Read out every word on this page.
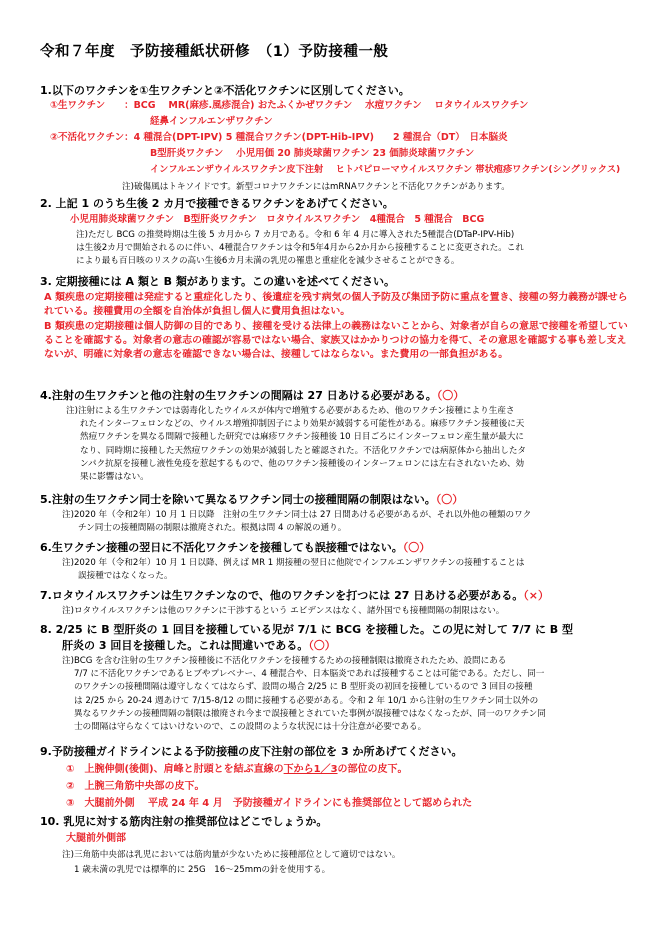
令和７年度　予防接種紙状研修　（1）予防接種一般
1.以下のワクチンを①生ワクチンと②不活化ワクチンに区別してください。
①生ワクチン　　：BCG　 MR(麻疹.風疹混合) おたふくかぜワクチン　 水痘ワクチン　 ロタウイルスワクチン
経鼻インフルエンザワクチン
②不活化ワクチン：4 種混合(DPT-IPV) 5 種混合ワクチン(DPT-Hib-IPV)　　2 種混合（DT）　日本脳炎
B型肝炎ワクチン　 小児用価 20 肺炎球菌ワクチン 23 価肺炎球菌ワクチン
インフルエンザウイルスワクチン皮下注射　 ヒトパピローマウイルスワクチン 帯状疱疹ワクチン(シングリックス)
注)破傷風はトキソイドです。新型コロナワクチンにはmRNAワクチンと不活化ワクチンがあります。
2. 上記 1 のうち生後 2 カ月で接種できるワクチンをあげてください。
小児用肺炎球菌ワクチン　B型肝炎ワクチン　ロタウイルスワクチン　4種混合　5 種混合　BCG

注)ただし BCG の推奨時期は生後 5 カ月から 7 カ月である。令和 6 年 4 月に導入された5種混合(DTaP-IPV-Hib)

は生後2カ月で開始されるのに伴い、4種混合ワクチンは令和5年4月から2か月から接種することに変更された。これ

により最も百日咳のリスクの高い生後6カ月未満の乳児の罹患と重症化を減少させることができる。

3. 定期接種には A 類と B 類があります。この違いを述べてください。
A 類疾患の定期接種は発症すると重症化したり、後遺症を残す病気の個人予防及び集団予防に重点を置き、接種の努力義務が課せられている。接種費用の全額を自治体が負担し個人に費用負担はない。
B 類疾患の定期接種は個人防御の目的であり、接種を受ける法律上の義務はないことから、対象者が自らの意思で接種を希望していることを確認する。対象者の意志の確認が容易ではない場合、家族又はかかりつけの協力を得て、その意思を確認する事も差し支えないが、明確に対象者の意志を確認できない場合は、接種してはならない。また費用の一部負担がある。
4.注射の生ワクチンと他の注射の生ワクチンの間隔は 27 日あける必要がある。（〇）

注)注射による生ワクチンでは弱毒化したウイルスが体内で増殖する必要があるため、他のワクチン接種により生産さ

れたインターフェロンなどの、ウイルス増殖抑制因子により効果が減弱する可能性がある。麻疹ワクチン接種後に天

然痘ワクチンを異なる間隔で接種した研究では麻疹ワクチン接種後 10 日目ごろにインターフェロン産生量が最大に

なり、同時期に接種した天然痘ワクチンの効果が減弱したと確認された。不活化ワクチンでは病原体から抽出したタ

ンパク抗原を接種し液性免疫を惹起するもので、他のワクチン接種後のインターフェロンには左右されないため、効

果に影響はない。

5.注射の生ワクチン同士を除いて異なるワクチン同士の接種間隔の制限はない。（〇）

注)2020 年（令和2年）10 月 1 日以降　注射の生ワクチン同士は 27 日間あける必要があるが、それ以外他の種類のワク

チン同士の接種間隔の制限は撤廃された。根拠は問 4 の解説の通り。

6.生ワクチン接種の翌日に不活化ワクチンを接種しても誤接種ではない。（〇）

注)2020 年（令和2年）10 月 1 日以降、例えば MR 1 期接種の翌日に他院でインフルエンザワクチンの接種することは

誤接種ではなくなった。

7.ロタウイルスワクチンは生ワクチンなので、他のワクチンを打つには 27 日あける必要がある。（×）
注)ロタウイルスワクチンは他のワクチンに干渉するという エビデンスはなく、諸外国でも接種間隔の制限はない。
8. 2/25 に B 型肝炎の 1 回目を接種している児が 7/1 に BCG を接種した。この児に対して 7/7 に B 型
肝炎の 3 回目を接種した。これは間違いである。（〇）

注)BCG を含む注射の生ワクチン接種後に不活化ワクチンを接種するための接種制限は撤廃されたため、設問にある

7/7 に不活化ワクチンであるヒブやプレベナー、4 種混合や、日本脳炎であれば接種することは可能である。ただし、同一

のワクチンの接種間隔は遵守しなくてはならず、設問の場合 2/25 に B 型肝炎の初回を接種しているので 3 回目の接種

は 2/25 から 20-24 週あけて 7/15-8/12 の間に接種する必要がある。令和 2 年 10/1 から注射の生ワクチン同士以外の

異なるワクチンの接種間隔の制限は撤廃され今まで誤接種とされていた事例が誤接種ではなくなったが、同一のワクチン同

士の間隔は守らなくてはいけないので、この設問のような状況には十分注意が必要である。

9.予防接種ガイドラインによる予防接種の皮下注射の部位を 3 か所あげてください。
①　上腕伸側(後側)、肩峰と肘頭とを結ぶ直線の下から1／3の部位の皮下。
②　上腕三角筋中央部の皮下。
③　大腿前外側　 平成 24 年 4 月　予防接種ガイドラインにも推奨部位として認められた
10. 乳児に対する筋肉注射の推奨部位はどこでしょうか。
大腿前外側部

注)三角筋中央部は乳児においては筋肉量が少ないために接種部位として適切ではない。

1 歳未満の乳児では標準的に 25G　16～25mmの針を使用する。
